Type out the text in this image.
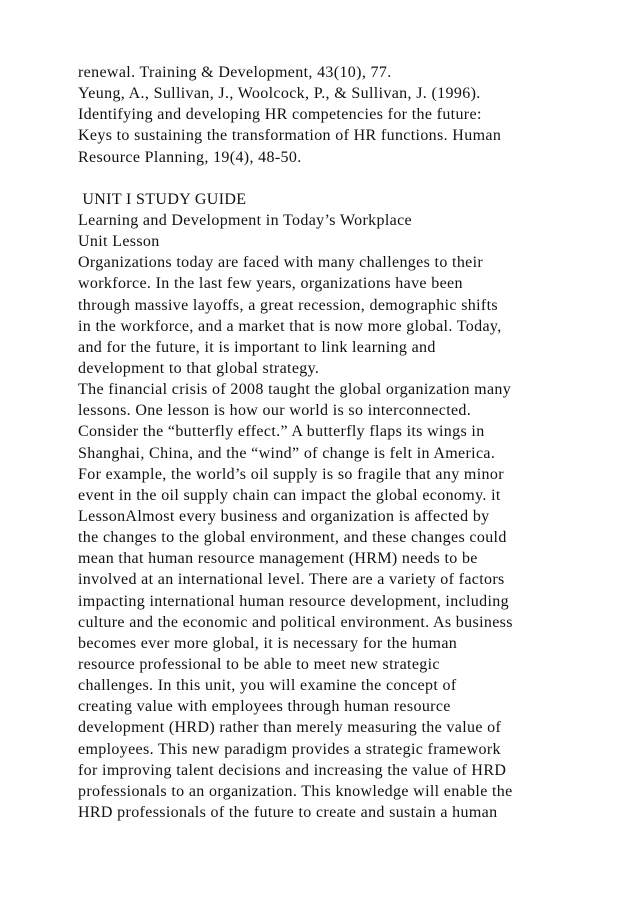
renewal. Training & Development, 43(10), 77.
Yeung, A., Sullivan, J., Woolcock, P., & Sullivan, J. (1996).
Identifying and developing HR competencies for the future:
Keys to sustaining the transformation of HR functions. Human
Resource Planning, 19(4), 48-50.
UNIT I STUDY GUIDE
Learning and Development in Today’s Workplace
Unit Lesson
Organizations today are faced with many challenges to their
workforce. In the last few years, organizations have been
through massive layoffs, a great recession, demographic shifts
in the workforce, and a market that is now more global. Today,
and for the future, it is important to link learning and
development to that global strategy.
The financial crisis of 2008 taught the global organization many
lessons. One lesson is how our world is so interconnected.
Consider the “butterfly effect.” A butterfly flaps its wings in
Shanghai, China, and the “wind” of change is felt in America.
For example, the world’s oil supply is so fragile that any minor
event in the oil supply chain can impact the global economy. it
LessonAlmost every business and organization is affected by
the changes to the global environment, and these changes could
mean that human resource management (HRM) needs to be
involved at an international level. There are a variety of factors
impacting international human resource development, including
culture and the economic and political environment. As business
becomes ever more global, it is necessary for the human
resource professional to be able to meet new strategic
challenges. In this unit, you will examine the concept of
creating value with employees through human resource
development (HRD) rather than merely measuring the value of
employees. This new paradigm provides a strategic framework
for improving talent decisions and increasing the value of HRD
professionals to an organization. This knowledge will enable the
HRD professionals of the future to create and sustain a human
